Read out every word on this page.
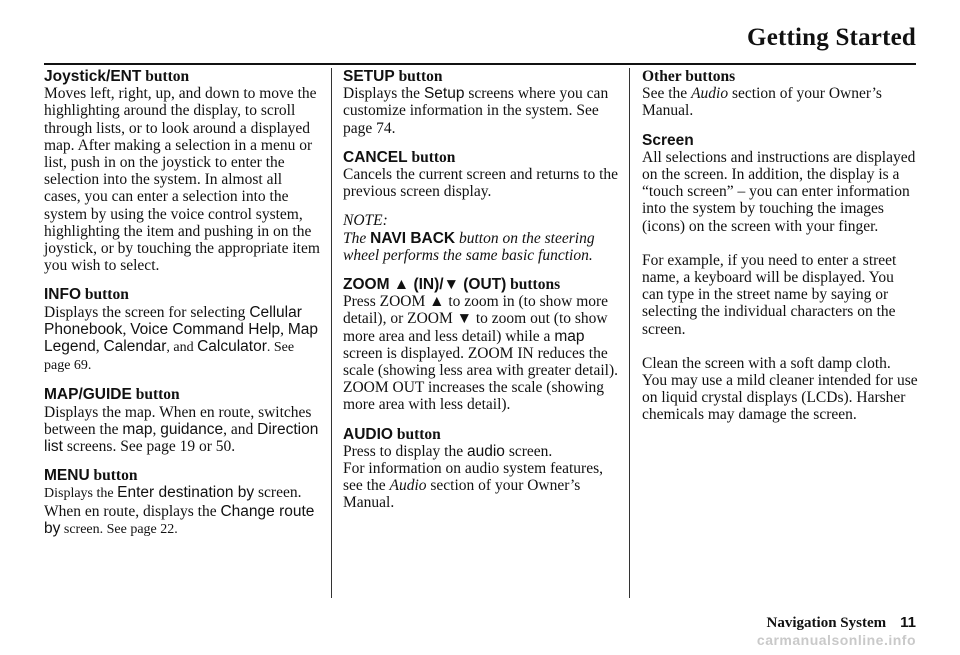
Getting Started

Joystick/ENT button

Moves left, right, up, and down to move the highlighting around the display, to scroll through lists, or to look around a displayed map. After making a selection in a menu or list, push in on the joystick to enter the selection into the system. In almost all cases, you can enter a selection into the system by using the voice control system, highlighting the item and pushing in on the joystick, or by touching the appropriate item you wish to select.

INFO button

Displays the screen for selecting Cellular Phonebook, Voice Command Help, Map Legend, Calendar, and Calculator. See page 69.

MAP/GUIDE button

Displays the map. When en route, switches between the map, guidance, and Direction list screens. See page 19 or 50.

MENU button

Displays the Enter destination by screen. When en route, displays the Change route by screen. See page 22.

SETUP button

Displays the Setup screens where you can customize information in the system. See page 74.

CANCEL button

Cancels the current screen and returns to the previous screen display.

NOTE:

The NAVI BACK button on the steering wheel performs the same basic function.

ZOOM ▲ (IN)/▼ (OUT) buttons

Press ZOOM ▲ to zoom in (to show more detail), or ZOOM ▼ to zoom out (to show more area and less detail) while a map screen is displayed. ZOOM IN reduces the scale (showing less area with greater detail). ZOOM OUT increases the scale (showing more area with less detail).

AUDIO button

Press to display the audio screen.

For information on audio system features, see the Audio section of your Owner’s Manual.

Other buttons

See the Audio section of your Owner’s Manual.

Screen

All selections and instructions are displayed on the screen. In addition, the display is a “touch screen” – you can enter information into the system by touching the images (icons) on the screen with your finger.

For example, if you need to enter a street name, a keyboard will be displayed. You can type in the street name by saying or selecting the individual characters on the screen.

Clean the screen with a soft damp cloth. You may use a mild cleaner intended for use on liquid crystal displays (LCDs). Harsher chemicals may damage the screen.

Navigation System 11
carmanualsonline.info
